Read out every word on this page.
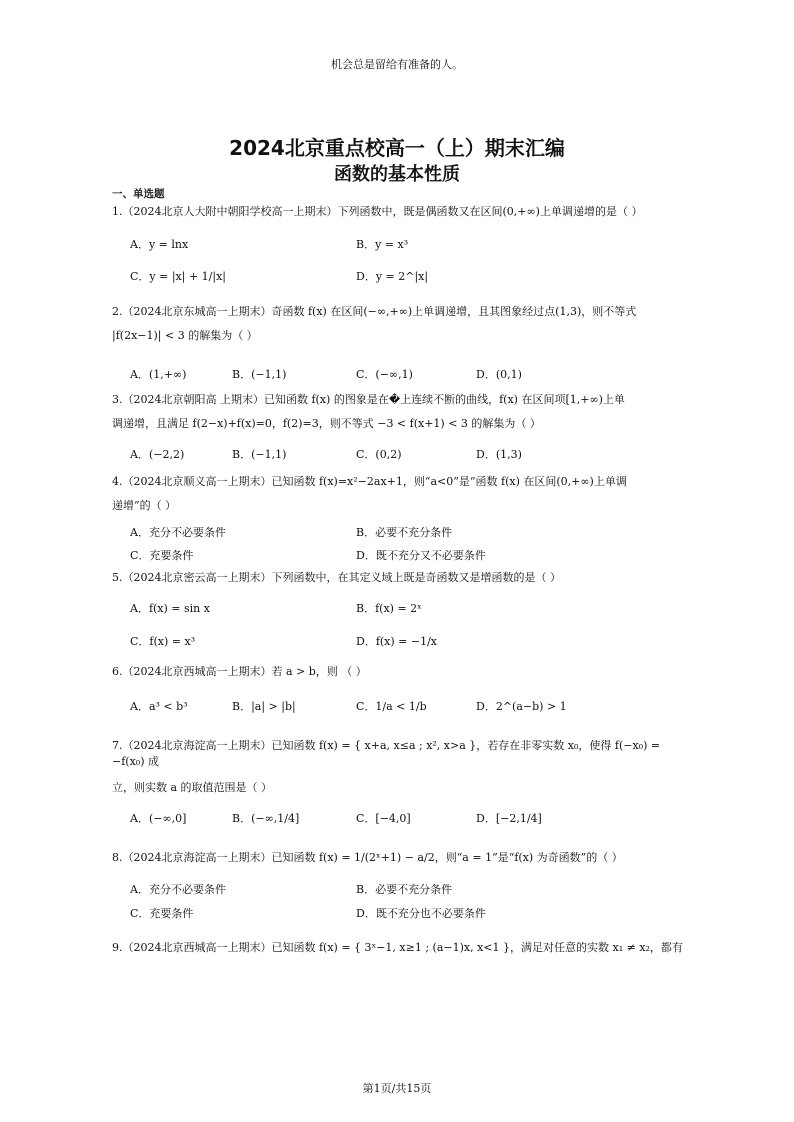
机会总是留给有准备的人。
2024北京重点校高一（上）期末汇编
函数的基本性质
一、单选题
1.（2024北京人大附中朝阳学校高一上期末）下列函数中，既是偶函数又在区间(0,+∞)上单调递增的是（ ）
A．y = lnx	B．y = x³
C．y = |x| + 1/|x|	D．y = 2^|x|
2.（2024北京东城高一上期末）奇函数 f(x) 在区间(−∞,+∞)上单调递增，且其图象经过点(1,3)，则不等式
|f(2x−1)| < 3 的解集为（ ）
A．(1,+∞)	B．(−1,1)	C．(−∞,1)	D．(0,1)
3.（2024北京朝阳高 上期末）已知函数 f(x) 的图象是在�上连续不断的曲线，f(x) 在区间项[1,+∞)上单
调递增，且满足 f(2−x)+f(x)=0，f(2)=3，则不等式 −3 < f(x+1) < 3 的解集为（ ）
A．(−2,2)	B．(−1,1)	C．(0,2)	D．(1,3)
4.（2024北京顺义高一上期末）已知函数 f(x)=x²−2ax+1，则“a<0”是“函数 f(x) 在区间(0,+∞)上单调
递增”的（ ）
A．充分不必要条件	B．必要不充分条件
C．充要条件	D．既不充分又不必要条件
5.（2024北京密云高一上期末）下列函数中，在其定义域上既是奇函数又是增函数的是（ ）
A．f(x) = sin x	B．f(x) = 2ˣ
C．f(x) = x³	D．f(x) = −1/x
6.（2024北京西城高一上期末）若 a > b，则 （ ）
A．a³ < b³	B．|a| > |b|	C．1/a < 1/b	D．2^(a−b) > 1
7.（2024北京海淀高一上期末）已知函数 f(x) = { x+a, x≤a ; x², x>a }，若存在非零实数 x₀，使得 f(−x₀) = −f(x₀) 成
立，则实数 a 的取值范围是（ ）
A．(−∞,0]	B．(−∞,1/4]	C．[−4,0]	D．[−2,1/4]
8.（2024北京海淀高一上期末）已知函数 f(x) = 1/(2ˣ+1) − a/2，则“a = 1”是“f(x) 为奇函数”的（ ）
A．充分不必要条件	B．必要不充分条件
C．充要条件	D．既不充分也不必要条件
9.（2024北京西城高一上期末）已知函数 f(x) = { 3ˣ−1, x≥1 ; (a−1)x, x<1 }，满足对任意的实数 x₁ ≠ x₂，都有
第1页/共15页
